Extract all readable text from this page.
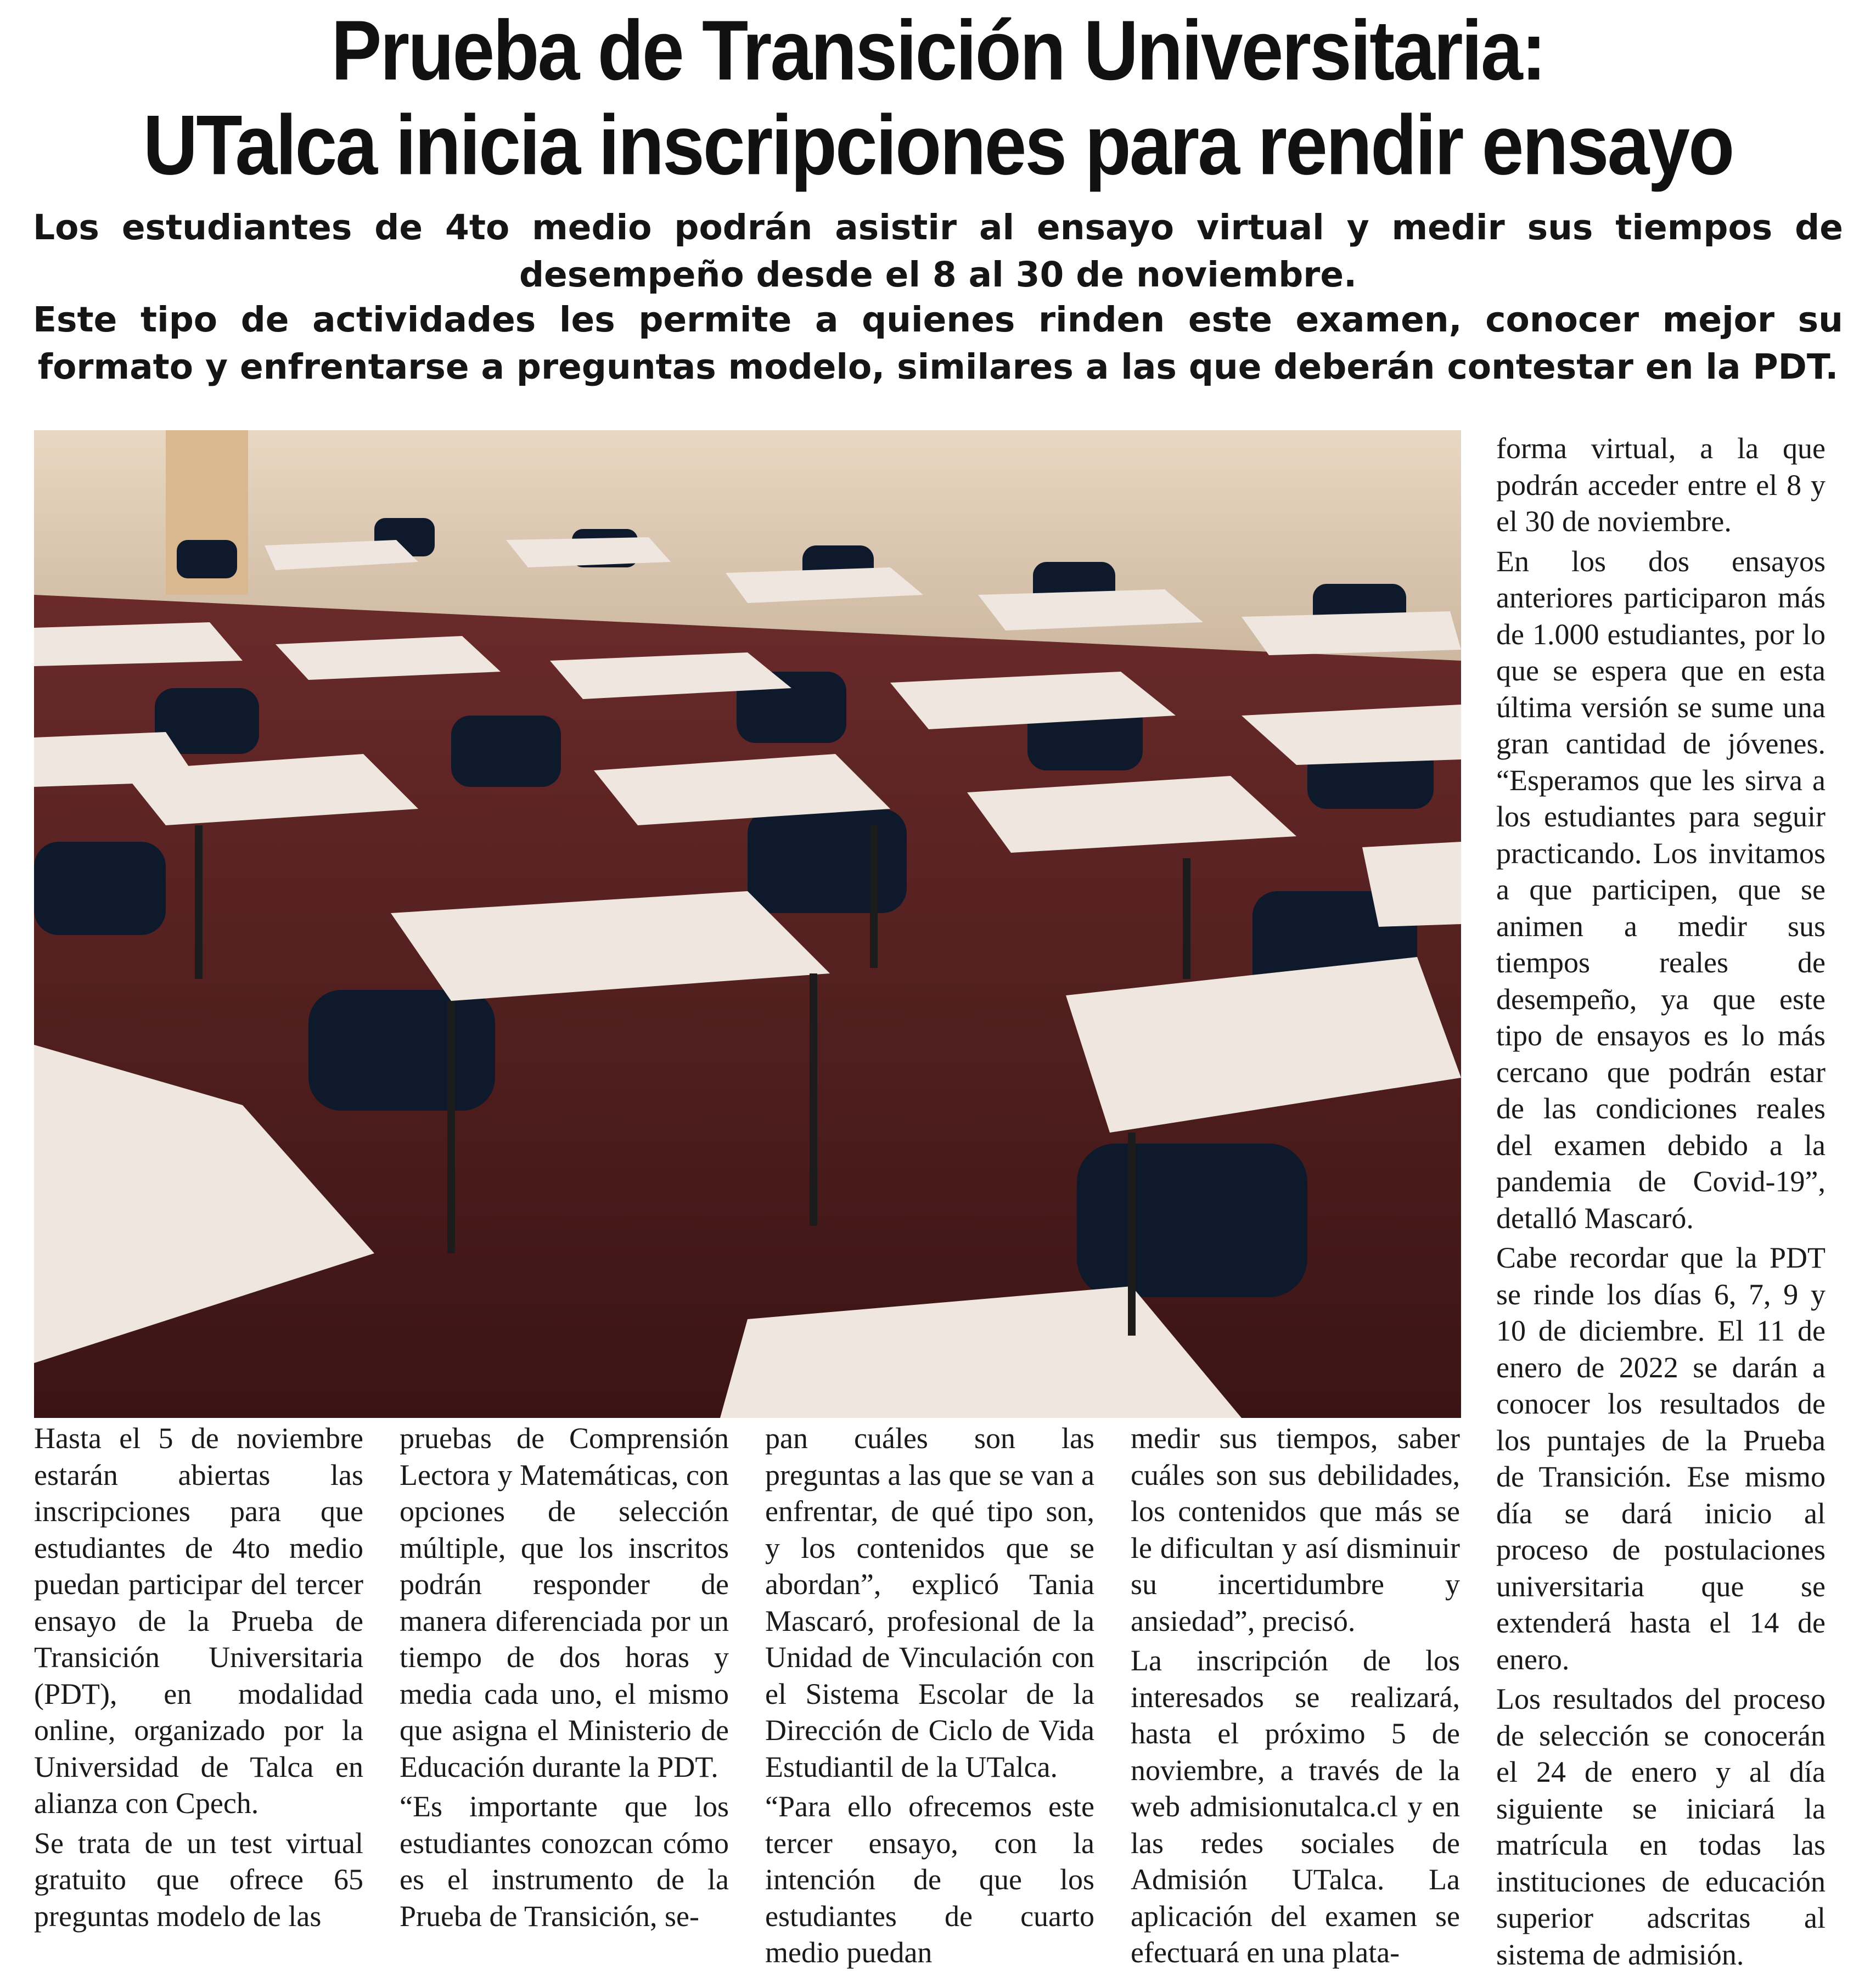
Prueba de Transición Universitaria:
UTalca inicia inscripciones para rendir ensayo
Los estudiantes de 4to medio podrán asistir al ensayo virtual y medir sus tiempos de desempeño desde el 8 al 30 de noviembre.
Este tipo de actividades les permite a quienes rinden este examen, conocer mejor su formato y enfrentarse a preguntas modelo, similares a las que deberán contestar en la PDT.

Hasta el 5 de noviembre estarán abiertas las inscripciones para que estudiantes de 4to medio puedan participar del tercer ensayo de la Prueba de Transición Universitaria (PDT), en modalidad online, organizado por la Universidad de Talca en alianza con Cpech.

Se trata de un test virtual gratuito que ofrece 65 preguntas modelo de las

pruebas de Comprensión Lectora y Matemáticas, con opciones de selección múltiple, que los inscritos podrán responder de manera diferenciada por un tiempo de dos horas y media cada uno, el mismo que asigna el Ministerio de Educación durante la PDT.

“Es importante que los estudiantes conozcan cómo es el instrumento de la Prueba de Transición, se-

pan cuáles son las preguntas a las que se van a enfrentar, de qué tipo son, y los contenidos que se abordan”, explicó Tania Mascaró, profesional de la Unidad de Vinculación con el Sistema Escolar de la Dirección de Ciclo de Vida Estudiantil de la UTalca.

“Para ello ofrecemos este tercer ensayo, con la intención de que los estudiantes de cuarto medio puedan

medir sus tiempos, saber cuáles son sus debilidades, los contenidos que más se le dificultan y así disminuir su incertidumbre y ansiedad”, precisó.

La inscripción de los interesados se realizará, hasta el próximo 5 de noviembre, a través de la web admisionutalca.cl y en las redes sociales de Admisión UTalca. La aplicación del examen se efectuará en una plata-

forma virtual, a la que podrán acceder entre el 8 y el 30 de noviembre.

En los dos ensayos anteriores participaron más de 1.000 estudiantes, por lo que se espera que en esta última versión se sume una gran cantidad de jóvenes. “Esperamos que les sirva a los estudiantes para seguir practicando. Los invitamos a que participen, que se animen a medir sus tiempos reales de desempeño, ya que este tipo de ensayos es lo más cercano que podrán estar de las condiciones reales del examen debido a la pandemia de Covid-19”, detalló Mascaró.

Cabe recordar que la PDT se rinde los días 6, 7, 9 y 10 de diciembre. El 11 de enero de 2022 se darán a conocer los resultados de los puntajes de la Prueba de Transición. Ese mismo día se dará inicio al proceso de postulaciones universitaria que se extenderá hasta el 14 de enero.

Los resultados del proceso de selección se conocerán el 24 de enero y al día siguiente se iniciará la matrícula en todas las instituciones de educación superior adscritas al sistema de admisión.
